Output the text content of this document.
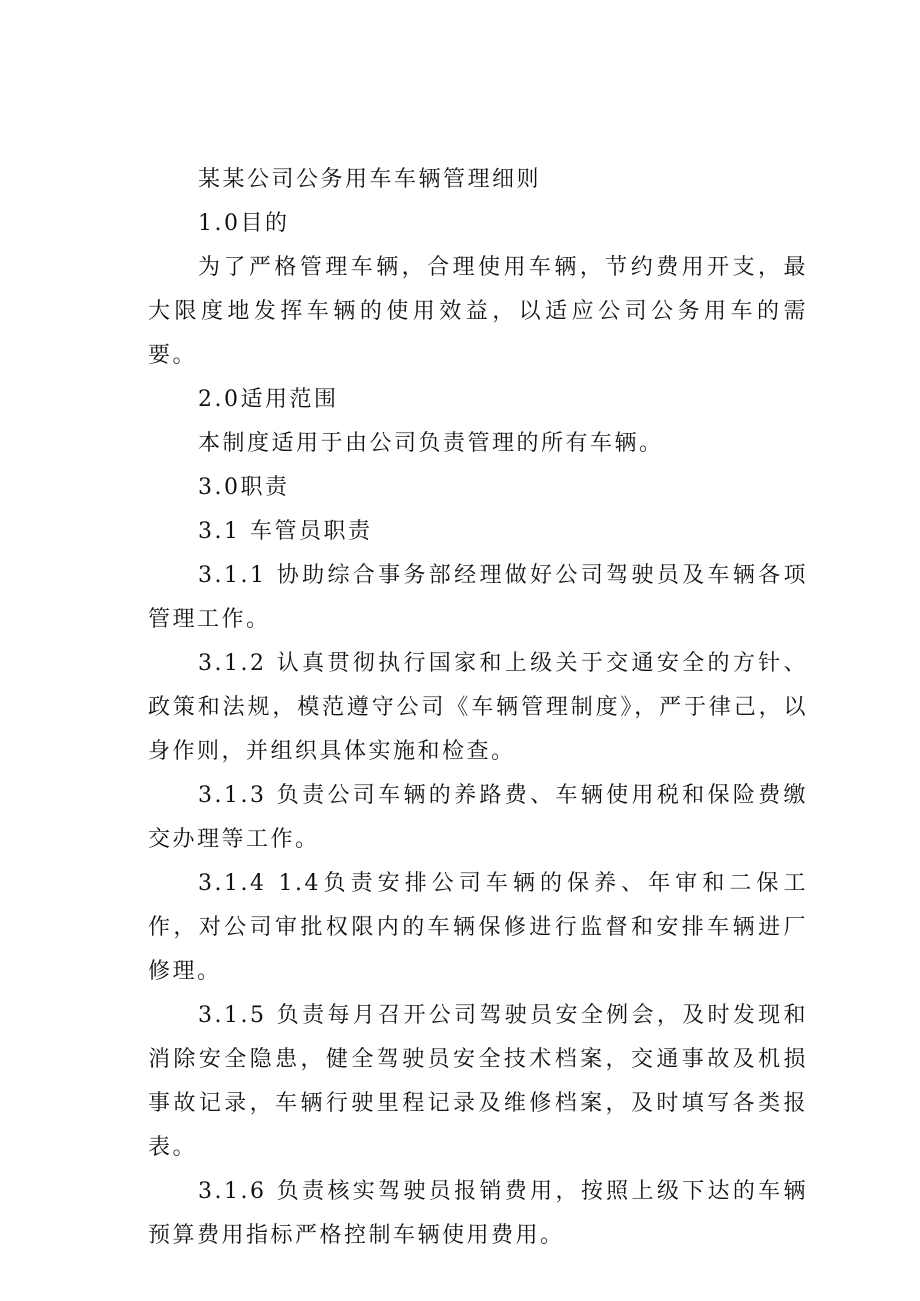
某某公司公务用车车辆管理细则

1.0目的

为了严格管理车辆，合理使用车辆，节约费用开支，最大限度地发挥车辆的使用效益，以适应公司公务用车的需要。

2.0适用范围

本制度适用于由公司负责管理的所有车辆。

3.0职责

3.1 车管员职责

3.1.1 协助综合事务部经理做好公司驾驶员及车辆各项管理工作。

3.1.2 认真贯彻执行国家和上级关于交通安全的方针、政策和法规，模范遵守公司《车辆管理制度》，严于律己，以身作则，并组织具体实施和检查。

3.1.3 负责公司车辆的养路费、车辆使用税和保险费缴交办理等工作。

3.1.4 1.4负责安排公司车辆的保养、年审和二保工作，对公司审批权限内的车辆保修进行监督和安排车辆进厂修理。

3.1.5 负责每月召开公司驾驶员安全例会，及时发现和消除安全隐患，健全驾驶员安全技术档案，交通事故及机损事故记录，车辆行驶里程记录及维修档案，及时填写各类报表。

3.1.6 负责核实驾驶员报销费用，按照上级下达的车辆预算费用指标严格控制车辆使用费用。
